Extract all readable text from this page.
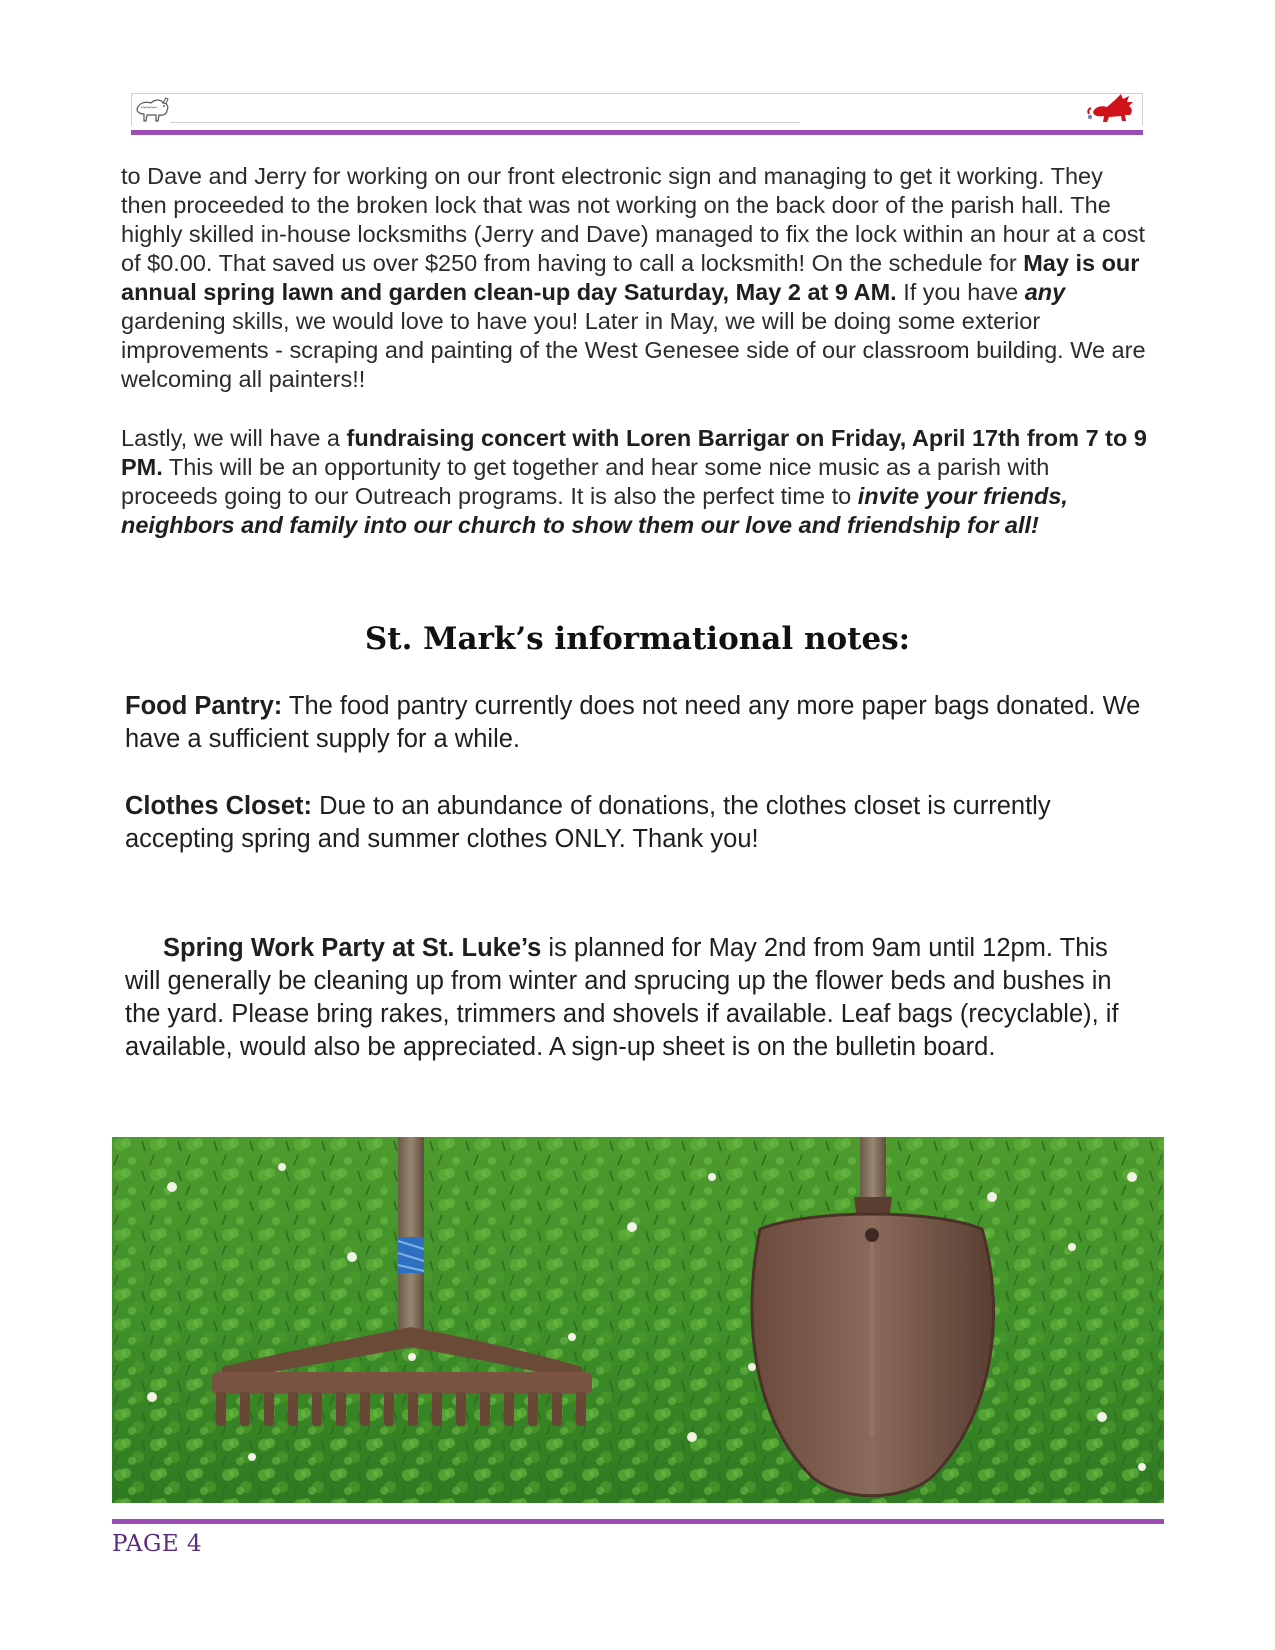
to Dave and Jerry for working on our front electronic sign and managing to get it working. They then proceeded to the broken lock that was not working on the back door of the parish hall. The highly skilled in-house locksmiths (Jerry and Dave) managed to fix the lock within an hour at a cost of $0.00. That saved us over $250 from having to call a locksmith! On the schedule for May is our annual spring lawn and garden clean-up day Saturday, May 2 at 9 AM. If you have any gardening skills, we would love to have you! Later in May, we will be doing some exterior improvements - scraping and painting of the West Genesee side of our classroom building. We are welcoming all painters!!

Lastly, we will have a fundraising concert with Loren Barrigar on Friday, April 17th from 7 to 9 PM. This will be an opportunity to get together and hear some nice music as a parish with proceeds going to our Outreach programs. It is also the perfect time to invite your friends, neighbors and family into our church to show them our love and friendship for all!

St. Mark’s informational notes:

Food Pantry: The food pantry currently does not need any more paper bags donated. We have a sufficient supply for a while.

Clothes Closet: Due to an abundance of donations, the clothes closet is currently accepting spring and summer clothes ONLY. Thank you!

Spring Work Party at St. Luke’s is planned for May 2nd from 9am until 12pm. This will generally be cleaning up from winter and sprucing up the flower beds and bushes in the yard. Please bring rakes, trimmers and shovels if available. Leaf bags (recyclable), if available, would also be appreciated. A sign-up sheet is on the bulletin board.

PAGE 4
